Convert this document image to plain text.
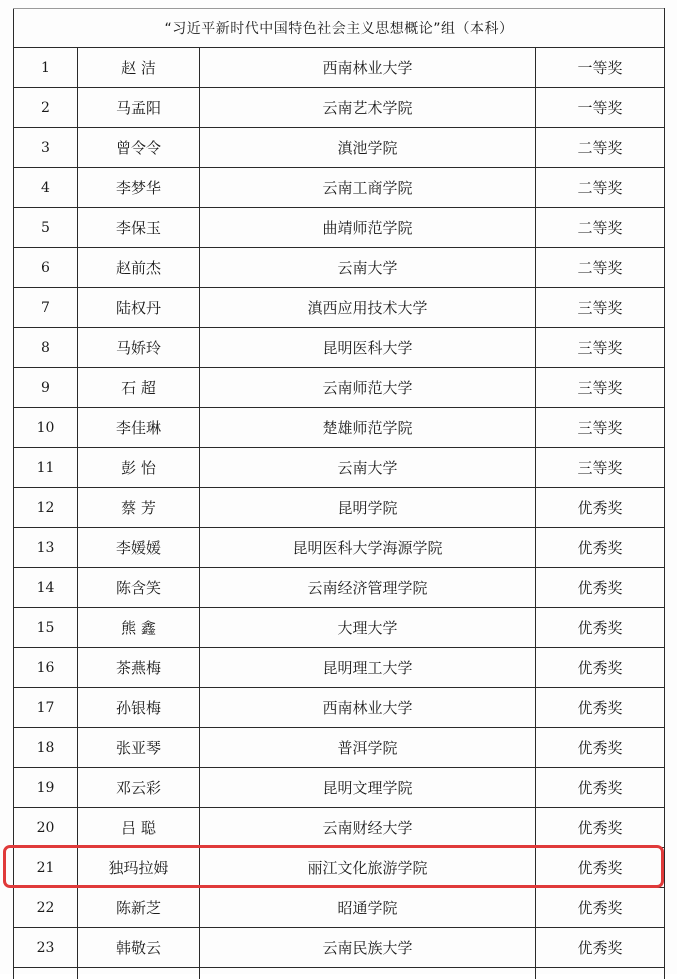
“习近平新时代中国特色社会主义思想概论”组（本科）			
1	赵 洁	西南林业大学	一等奖
2	马孟阳	云南艺术学院	一等奖
3	曾令令	滇池学院	二等奖
4	李梦华	云南工商学院	二等奖
5	李保玉	曲靖师范学院	二等奖
6	赵前杰	云南大学	二等奖
7	陆权丹	滇西应用技术大学	三等奖
8	马娇玲	昆明医科大学	三等奖
9	石 超	云南师范大学	三等奖
10	李佳琳	楚雄师范学院	三等奖
11	彭 怡	云南大学	三等奖
12	蔡 芳	昆明学院	优秀奖
13	李媛媛	昆明医科大学海源学院	优秀奖
14	陈含笑	云南经济管理学院	优秀奖
15	熊 鑫	大理大学	优秀奖
16	茶燕梅	昆明理工大学	优秀奖
17	孙银梅	西南林业大学	优秀奖
18	张亚琴	普洱学院	优秀奖
19	邓云彩	昆明文理学院	优秀奖
20	吕 聪	云南财经大学	优秀奖
21	独玛拉姆	丽江文化旅游学院	优秀奖
22	陈新芝	昭通学院	优秀奖
23	韩敬云	云南民族大学	优秀奖
